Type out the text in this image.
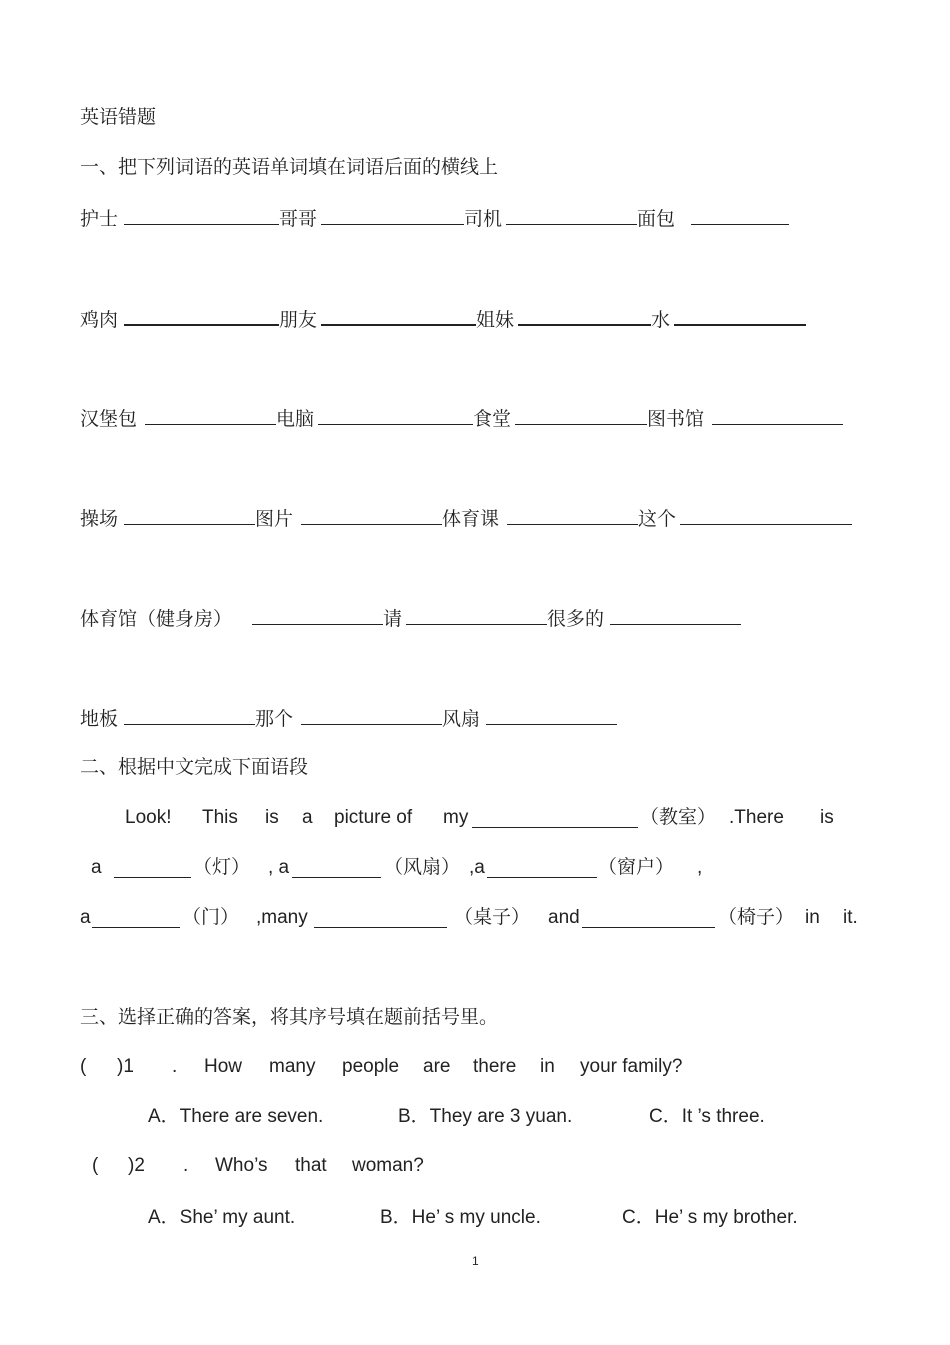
英语错题
一、把下列词语的英语单词填在词语后面的横线上
护士	哥哥	司机	面包
鸡肉	朋友	姐妹	水
汉堡包	电脑	食堂	图书馆
操场	图片	体育课	这个
体育馆（健身房）	请	很多的
地板	那个	风扇
二、根据中文完成下面语段
Look! This is a picture of my	（教室） .There is
a	（灯） , a	（风扇） ,a	（窗户） ,
a	（门） ,many	（桌子） and	（椅子） in it.
三、选择正确的答案，将其序号填在题前括号里。
( )1 . How many people are there in your family?
A．There are seven.	B．They are 3 yuan.	C．It ’s three.
( )2 . Who’s that woman?
A．She’ my aunt.	B．He’ s my uncle.	C．He’ s my brother.
1
